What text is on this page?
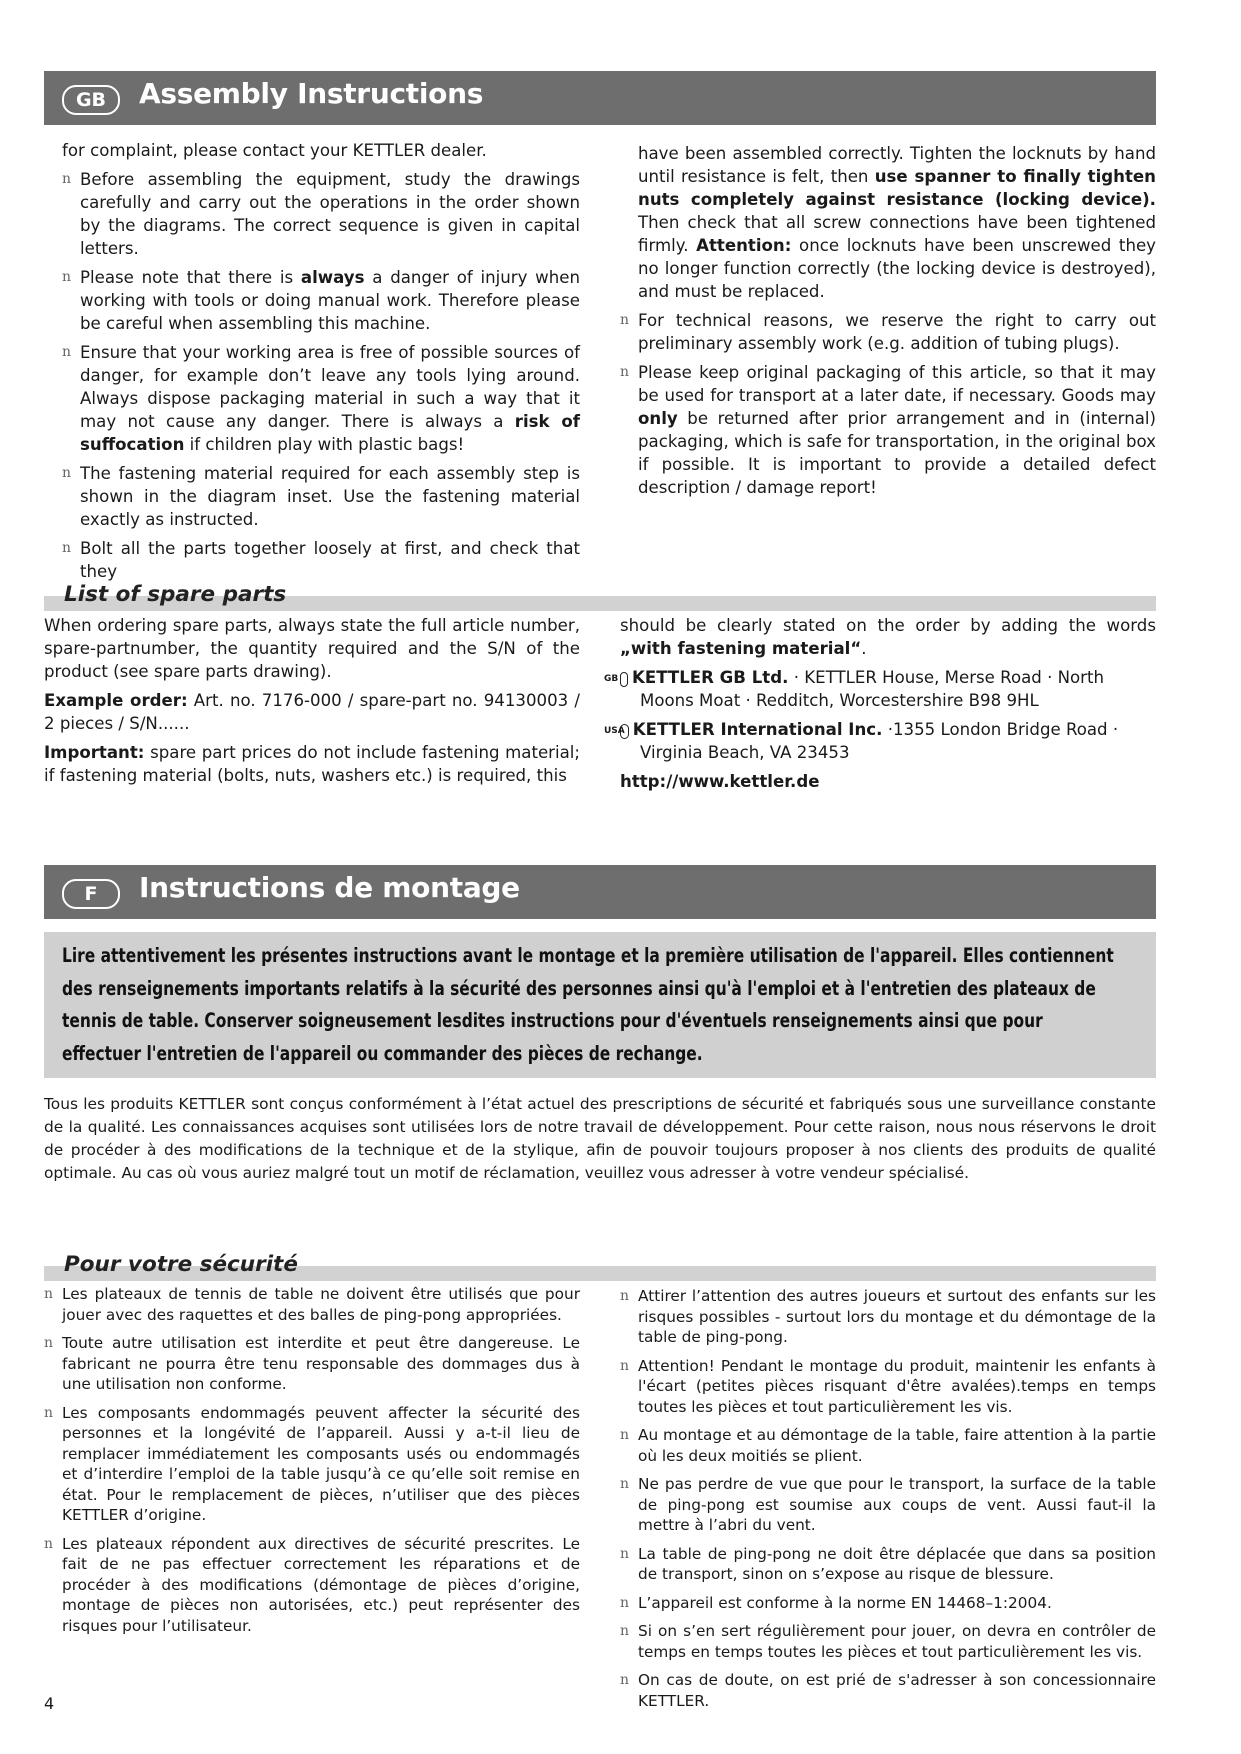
GB	Assembly Instructions

for complaint, please contact your KETTLER dealer.

n Before assembling the equipment, study the drawings carefully and carry out the operations in the order shown by the diagrams. The correct sequence is given in capital letters.
n Please note that there is always a danger of injury when working with tools or doing manual work. Therefore please be careful when assembling this machine.
n Ensure that your working area is free of possible sources of danger, for example don’t leave any tools lying around. Always dispose packaging material in such a way that it may not cause any danger. There is always a risk of suffocation if children play with plastic bags!
n The fastening material required for each assembly step is shown in the diagram inset. Use the fastening material exactly as instructed.
n Bolt all the parts together loosely at first, and check that they

have been assembled correctly. Tighten the locknuts by hand until resistance is felt, then use spanner to finally tighten nuts completely against resistance (locking device). Then check that all screw connections have been tightened firmly. Attention: once locknuts have been unscrewed they no longer function correctly (the locking device is destroyed), and must be replaced.

n For technical reasons, we reserve the right to carry out preliminary assembly work (e.g. addition of tubing plugs).
n Please keep original packaging of this article, so that it may be used for transport at a later date, if necessary. Goods may only be returned after prior arrangement and in (internal) packaging, which is safe for transportation, in the original box if possible. It is important to provide a detailed defect description / damage report!
List of spare parts

When ordering spare parts, always state the full article number, spare-partnumber, the quantity required and the S/N of the product (see spare parts drawing).

Example order: Art. no. 7176-000 / spare-part no. 94130003 / 2 pieces / S/N......

Important: spare part prices do not include fastening material; if fastening material (bolts, nuts, washers etc.) is required, this

should be clearly stated on the order by adding the words „with fastening material“.

GB KETTLER GB Ltd. · KETTLER House, Merse Road · North Moons Moat · Redditch, Worcestershire B98 9HL

USA KETTLER International Inc. ·1355 London Bridge Road · Virginia Beach, VA 23453

http://www.kettler.de

F	Instructions de montage
Lire attentivement les présentes instructions avant le montage et la première utilisation de l'appareil. Elles contiennent des renseignements importants relatifs à la sécurité des personnes ainsi qu'à l'emploi et à l'entretien des plateaux de tennis de table. Conserver soigneusement lesdites instructions pour d'éventuels renseignements ainsi que pour effectuer l'entretien de l'appareil ou commander des pièces de rechange.
Tous les produits KETTLER sont conçus conformément à l’état actuel des prescriptions de sécurité et fabriqués sous une surveillance constante de la qualité. Les connaissances acquises sont utilisées lors de notre travail de développement. Pour cette raison, nous nous réservons le droit de procéder à des modifications de la technique et de la stylique, afin de pouvoir toujours proposer à nos clients des produits de qualité optimale. Au cas où vous auriez malgré tout un motif de réclamation, veuillez vous adresser à votre vendeur spécialisé.
Pour votre sécurité
n Les plateaux de tennis de table ne doivent être utilisés que pour jouer avec des raquettes et des balles de ping-pong appropriées.
n Toute autre utilisation est interdite et peut être dangereuse. Le fabricant ne pourra être tenu responsable des dommages dus à une utilisation non conforme.
n Les composants endommagés peuvent affecter la sécurité des personnes et la longévité de l’appareil. Aussi y a-t-il lieu de remplacer immédiatement les composants usés ou endommagés et d’interdire l’emploi de la table jusqu’à ce qu’elle soit remise en état. Pour le remplacement de pièces, n’utiliser que des pièces KETTLER d’origine.
n Les plateaux répondent aux directives de sécurité prescrites. Le fait de ne pas effectuer correctement les réparations et de procéder à des modifications (démontage de pièces d’origine, montage de pièces non autorisées, etc.) peut représenter des risques pour l’utilisateur.
n Attirer l’attention des autres joueurs et surtout des enfants sur les risques possibles - surtout lors du montage et du démontage de la table de ping-pong.
n Attention! Pendant le montage du produit, maintenir les enfants à l'écart (petites pièces risquant d'être avalées).temps en temps toutes les pièces et tout particulièrement les vis.
n Au montage et au démontage de la table, faire attention à la partie où les deux moitiés se plient.
n Ne pas perdre de vue que pour le transport, la surface de la table de ping-pong est soumise aux coups de vent. Aussi faut-il la mettre à l’abri du vent.
n La table de ping-pong ne doit être déplacée que dans sa position de transport, sinon on s’expose au risque de blessure.
n L’appareil est conforme à la norme EN 14468–1:2004.
n Si on s’en sert régulièrement pour jouer, on devra en contrôler de temps en temps toutes les pièces et tout particulièrement les vis.
n On cas de doute, on est prié de s'adresser à son concessionnaire KETTLER.
4
